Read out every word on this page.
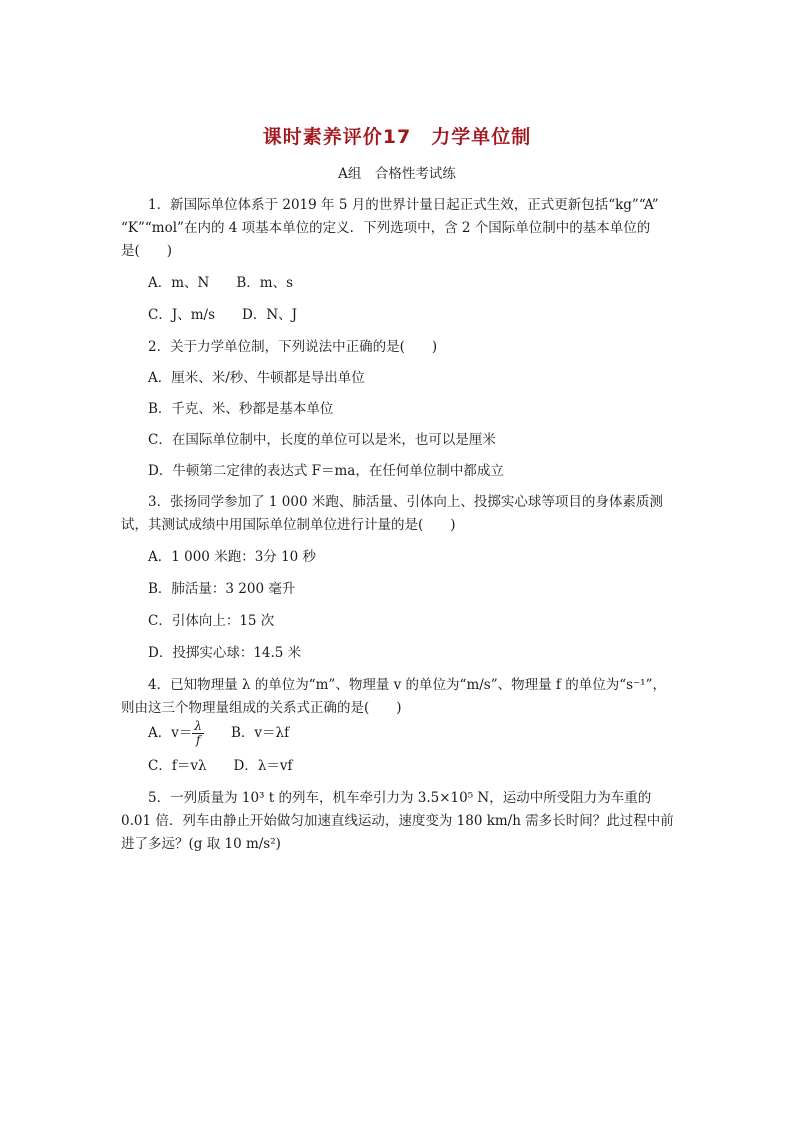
课时素养评价17　力学单位制
A组　合格性考试练

1．新国际单位体系于 2019 年 5 月的世界计量日起正式生效，正式更新包括“kg”“A”

“K”“mol”在内的 4 项基本单位的定义．下列选项中，含 2 个国际单位制中的基本单位的

是(　　)

A．m、N　　B．m、s

C．J、m/s　　D．N、J

2．关于力学单位制，下列说法中正确的是(　　)

A．厘米、米/秒、牛顿都是导出单位

B．千克、米、秒都是基本单位

C．在国际单位制中，长度的单位可以是米，也可以是厘米

D．牛顿第二定律的表达式 F＝ma，在任何单位制中都成立

3．张扬同学参加了 1 000 米跑、肺活量、引体向上、投掷实心球等项目的身体素质测

试，其测试成绩中用国际单位制单位进行计量的是(　　)

A．1 000 米跑：3分 10 秒

B．肺活量：3 200 毫升

C．引体向上：15 次

D．投掷实心球：14.5 米

4．已知物理量 λ 的单位为“m”、物理量 v 的单位为“m/s”、物理量 f 的单位为“s⁻¹”，

则由这三个物理量组成的关系式正确的是(　　)

A．$v= \frac{\lambda}{f}$ 　　B．v＝λf

C．f＝vλ　　D．λ＝vf

5．一列质量为 10³ t 的列车，机车牵引力为 3.5×10⁵ N，运动中所受阻力为车重的

0.01 倍．列车由静止开始做匀加速直线运动，速度变为 180 km/h 需多长时间？此过程中前

进了多远？(g 取 10 m/s²)
